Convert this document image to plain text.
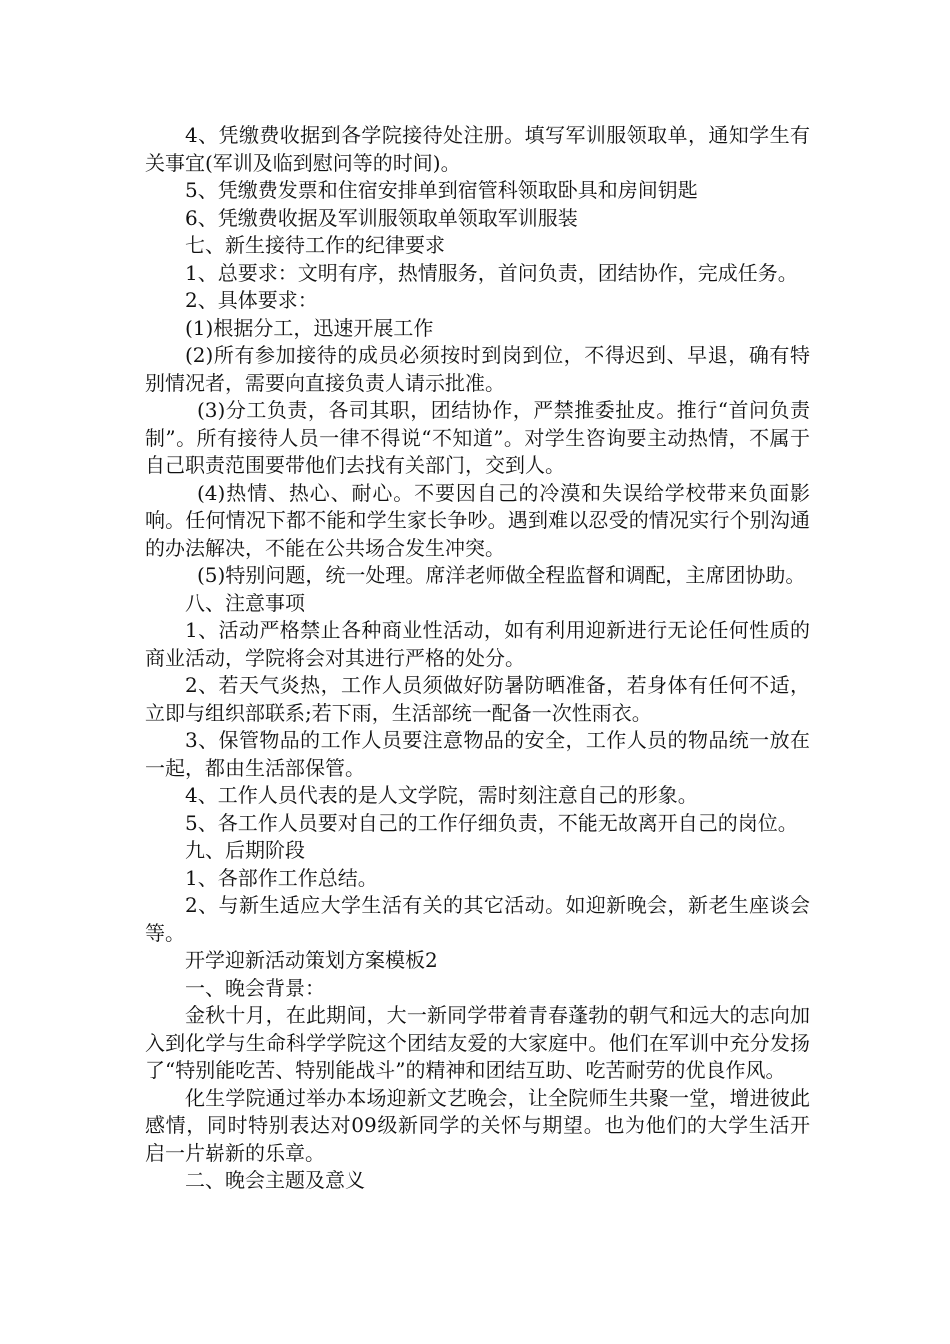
4、凭缴费收据到各学院接待处注册。填写军训服领取单，通知学生有关事宜(军训及临到慰问等的时间)。

5、凭缴费发票和住宿安排单到宿管科领取卧具和房间钥匙

6、凭缴费收据及军训服领取单领取军训服装

七、新生接待工作的纪律要求

1、总要求：文明有序，热情服务，首问负责，团结协作，完成任务。

2、具体要求：

(1)根据分工，迅速开展工作

(2)所有参加接待的成员必须按时到岗到位，不得迟到、早退，确有特别情况者，需要向直接负责人请示批准。

(3)分工负责，各司其职，团结协作，严禁推委扯皮。推行“首问负责制”。所有接待人员一律不得说“不知道”。对学生咨询要主动热情，不属于自己职责范围要带他们去找有关部门，交到人。

(4)热情、热心、耐心。不要因自己的冷漠和失误给学校带来负面影响。任何情况下都不能和学生家长争吵。遇到难以忍受的情况实行个别沟通的办法解决，不能在公共场合发生冲突。

(5)特别问题，统一处理。席洋老师做全程监督和调配，主席团协助。

八、注意事项

1、活动严格禁止各种商业性活动，如有利用迎新进行无论任何性质的商业活动，学院将会对其进行严格的处分。

2、若天气炎热，工作人员须做好防暑防晒准备，若身体有任何不适，立即与组织部联系;若下雨，生活部统一配备一次性雨衣。

3、保管物品的工作人员要注意物品的安全，工作人员的物品统一放在一起，都由生活部保管。

4、工作人员代表的是人文学院，需时刻注意自己的形象。

5、各工作人员要对自己的工作仔细负责，不能无故离开自己的岗位。

九、后期阶段

1、各部作工作总结。

2、与新生适应大学生活有关的其它活动。如迎新晚会，新老生座谈会等。

开学迎新活动策划方案模板2

一、晚会背景：

金秋十月，在此期间，大一新同学带着青春蓬勃的朝气和远大的志向加入到化学与生命科学学院这个团结友爱的大家庭中。他们在军训中充分发扬了“特别能吃苦、特别能战斗”的精神和团结互助、吃苦耐劳的优良作风。

化生学院通过举办本场迎新文艺晚会，让全院师生共聚一堂，增进彼此感情，同时特别表达对09级新同学的关怀与期望。也为他们的大学生活开启一片崭新的乐章。

二、晚会主题及意义
